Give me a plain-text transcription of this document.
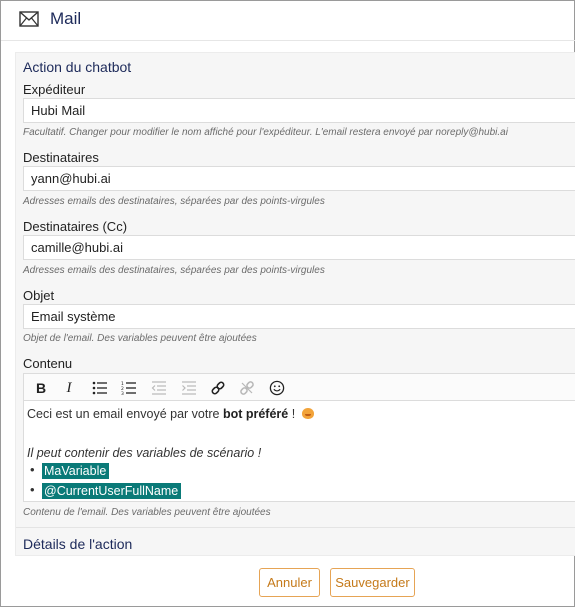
Mail
Action du chatbot
Expéditeur
Hubi Mail
Facultatif. Changer pour modifier le nom affiché pour l'expéditeur. L'email restera envoyé par noreply@hubi.ai
Destinataires
yann@hubi.ai
Adresses emails des destinataires, séparées par des points-virgules
Destinataires (Cc)
camille@hubi.ai
Adresses emails des destinataires, séparées par des points-virgules
Objet
Email système
Objet de l'email. Des variables peuvent être ajoutées
Contenu
B	I	1
2
3
Ceci est un email envoyé par votre bot préféré !
Il peut contenir des variables de scénario !
• MaVariable
• @CurrentUserFullName
Contenu de l'email. Des variables peuvent être ajoutées
Détails de l'action
Annuler	Sauvegarder
